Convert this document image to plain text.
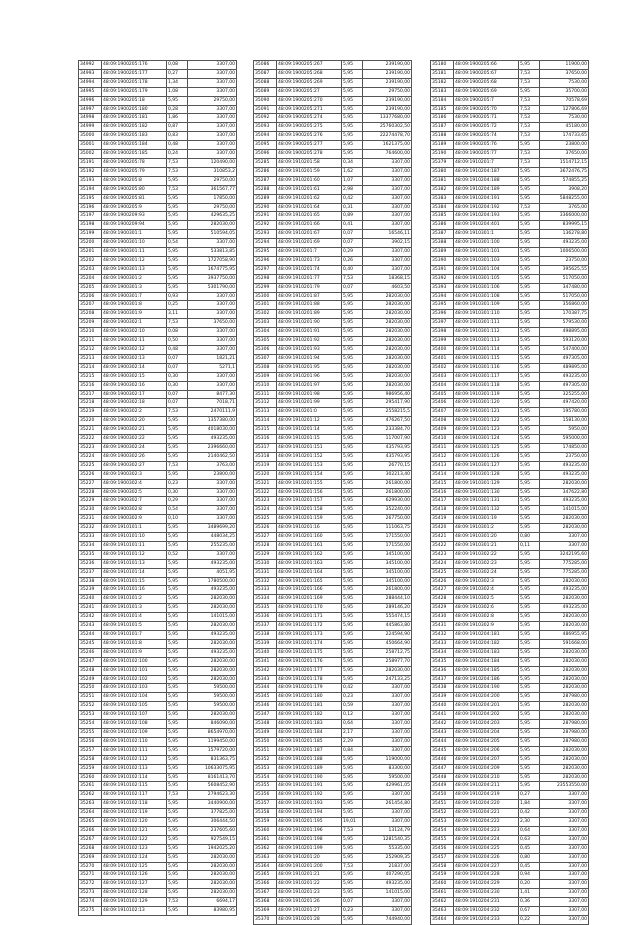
34992	48:09:1900205:176	0,08	3307,00
34993	48:09:1900205:177	0,27	3307,00
34994	48:09:1900205:178	1,34	3307,00
34995	48:09:1900205:179	1,08	3307,00
34996	48:09:1900205:18	5,95	29750,00
34997	48:09:1900205:180	0,28	3307,00
34998	48:09:1900205:181	1,86	3307,00
34999	48:09:1900205:182	0,87	3307,00
35000	48:09:1900205:183	0,83	3307,00
35001	48:09:1900205:184	0,48	3307,00
35002	48:09:1900205:185	0,24	3307,00
35191	48:09:1900205:78	7,53	120490,00
35192	48:09:1900205:79	7,53	310853,2
35193	48:09:1900205:8	5,95	29750,00
35194	48:09:1900205:80	7,53	361567,77
35195	48:09:1900205:81	5,95	17850,00
35196	48:09:1900205:9	5,95	29750,00
35197	48:09:1900209:93	5,95	429635,25
35198	48:09:1900209:94	5,95	282030,00
35199	48:09:1900301:1	5,95	510594,05
35200	48:09:1900301:10	0,54	3307,00
35201	48:09:1900301:11	5,95	533813,85
35202	48:09:1900301:12	5,95	1727058,90
35203	48:09:1900301:13	5,95	1674775,95
35204	48:09:1900301:2	5,95	3937750,00
35205	48:09:1900301:3	5,95	5301790,00
35206	48:09:1900301:7	0,93	3307,00
35207	48:09:1900301:8	0,25	3307,00
35208	48:09:1900301:9	3,11	3307,00
35209	48:09:1900302:1	7,53	37650,00
35210	48:09:1900302:10	0,08	3307,00
35211	48:09:1900302:11	0,50	3307,00
35212	48:09:1900302:12	0,48	3307,00
35213	48:09:1900302:13	0,07	1821,21
35214	48:09:1900302:14	0,07	5271,1
35215	48:09:1900302:15	0,30	3307,00
35216	48:09:1900302:16	0,30	3307,00
35217	48:09:1900302:17	0,07	8477,30
35218	48:09:1900302:18	0,07	7018,71
35219	48:09:1900302:2	7,53	2470111,9
35220	48:09:1900302:20	5,95	1357380,00
35221	48:09:1900302:21	5,95	4018030,00
35222	48:09:1900302:22	5,95	493235,00
35223	48:09:1900302:24	5,95	2396660,00
35224	48:09:1900302:26	5,95	2140462,50
35225	48:09:1900302:27	7,53	3763,00
35226	48:09:1900302:3	5,95	23800,00
35227	48:09:1900302:4	0,23	3307,00
35228	48:09:1900302:5	0,30	3307,00
35229	48:09:1900302:7	0,29	3307,00
35230	48:09:1900302:8	0,54	3307,00
35231	48:09:1900302:9	0,10	3307,00
35232	48:09:1910101:1	5,95	3489699,20
35233	48:09:1910101:10	5,95	448034,25
35234	48:09:1910101:11	5,95	255235,00
35235	48:09:1910101:12	0,52	3307,00
35236	48:09:1910101:13	5,95	493235,00
35237	48:09:1910101:14	5,95	4051,95
35238	48:09:1910101:15	5,95	1780500,00
35239	48:09:1910101:16	5,95	493235,00
35240	48:09:1910101:2	5,95	282030,00
35241	48:09:1910101:3	5,95	282030,00
35242	48:09:1910101:4	5,95	141015,00
35243	48:09:1910101:5	5,95	282030,00
35244	48:09:1910101:7	5,95	493235,00
35245	48:09:1910101:8	5,95	282030,00
35246	48:09:1910101:9	5,95	493235,00
35247	48:09:1910102:100	5,95	282030,00
35248	48:09:1910102:101	5,95	282030,00
35249	48:09:1910102:102	5,95	282030,00
35250	48:09:1910102:103	5,95	59500,00
35251	48:09:1910102:104	5,95	59500,00
35252	48:09:1910102:105	5,95	59500,00
35253	48:09:1910102:107	5,95	282030,00
35254	48:09:1910102:108	5,95	846090,00
35255	48:09:1910102:109	5,95	8654970,00
35256	48:09:1910102:110	5,95	1199450,00
35257	48:09:1910102:111	5,95	1579720,00
35258	48:09:1910102:112	5,95	831363,75
35259	48:09:1910102:113	5,95	10633075,95
35260	48:09:1910102:114	5,95	8161413,70
35261	48:09:1910102:115	5,95	5608452,90
35262	48:09:1910102:117	7,53	2794623,30
35263	48:09:1910102:118	5,95	3440900,00
35264	48:09:1910102:119	5,95	377825,00
35265	48:09:1910102:120	5,95	306444,50
35266	48:09:1910102:121	5,95	237605,60
35267	48:09:1910102:122	5,95	927549,15
35268	48:09:1910102:123	5,95	1942025,20
35269	48:09:1910102:124	5,95	282030,00
35270	48:09:1910102:125	5,95	282030,00
35271	48:09:1910102:126	5,95	282030,00
35272	48:09:1910102:127	5,95	282030,00
35273	48:09:1910102:128	5,95	282030,00
35274	48:09:1910102:129	7,53	6694,17
35275	48:09:1910102:13	5,95	83980,95
35086	48:09:1900205:267	5,95	239190,00
35087	48:09:1900205:268	5,95	239190,00
35088	48:09:1900205:269	5,95	239190,00
35089	48:09:1900205:27	5,95	29750,00
35090	48:09:1900205:270	5,95	239190,00
35091	48:09:1900205:271	5,95	239190,00
35092	48:09:1900205:274	5,95	13377680,00
35093	48:09:1900205:275	5,95	25760302,50
35094	48:09:1900205:276	5,95	22274478,70
35095	48:09:1900205:277	5,95	1621375,00
35096	48:09:1900205:278	5,95	764600,00
35285	48:09:1910201:58	0,34	3307,00
35286	48:09:1910201:59	1,62	3307,00
35287	48:09:1910201:60	1,07	3307,00
35288	48:09:1910201:61	2,98	3307,00
35289	48:09:1910201:62	0,42	3307,00
35290	48:09:1910201:64	0,31	3307,00
35291	48:09:1910201:65	0,89	3307,00
35292	48:09:1910201:66	0,41	3307,00
35293	48:09:1910201:67	0,07	16546,11
35294	48:09:1910201:69	0,07	3902,15
35295	48:09:1910201:7	0,29	3307,00
35296	48:09:1910201:73	0,26	3307,00
35297	48:09:1910201:74	0,40	3307,00
35298	48:09:1910201:77	7,53	18368,15
35299	48:09:1910201:79	0,07	4603,50
35300	48:09:1910201:87	5,95	282030,00
35301	48:09:1910201:88	5,95	282030,00
35302	48:09:1910201:89	5,95	282030,00
35303	48:09:1910201:90	5,95	282030,00
35304	48:09:1910201:91	5,95	282030,00
35305	48:09:1910201:92	5,95	282030,00
35306	48:09:1910201:93	5,95	282030,00
35307	48:09:1910201:94	5,95	282030,00
35308	48:09:1910201:95	5,95	282030,00
35309	48:09:1910201:96	5,95	282030,00
35310	48:09:1910201:97	5,95	282030,00
35311	48:09:1910201:98	5,95	986956,40
35312	48:09:1910201:99	5,95	295417,90
35313	48:09:1910201:0	5,95	2558215,5
35314	48:09:1910201:12	5,95	476267,50
35315	48:09:1910201:14	5,95	233384,70
35316	48:09:1910201:15	5,95	117007,90
35317	48:09:1910201:151	5,95	435793,95
35318	48:09:1910201:152	5,95	435793,95
35319	48:09:1910201:153	5,95	26770,15
35320	48:09:1910201:154	5,95	302213,40
35321	48:09:1910201:155	5,95	261800,00
35322	48:09:1910201:156	5,95	261800,00
35323	48:09:1910201:157	5,95	629930,00
35324	48:09:1910201:158	5,95	352240,00
35325	48:09:1910201:159	5,95	267750,00
35326	48:09:1910201:16	5,95	111063,75
35327	48:09:1910201:160	5,95	171550,00
35328	48:09:1910201:161	5,95	171550,00
35329	48:09:1910201:162	5,95	345100,00
35330	48:09:1910201:163	5,95	345100,00
35331	48:09:1910201:164	5,95	345100,00
35332	48:09:1910201:165	5,95	345100,00
35333	48:09:1910201:166	5,95	261800,00
35334	48:09:1910201:169	5,95	288444,10
35335	48:09:1910201:170	5,95	289146,20
35336	48:09:1910201:171	5,95	555474,15
35337	48:09:1910201:172	5,95	445863,80
35338	48:09:1910201:173	5,95	224594,90
35339	48:09:1910201:174	5,95	450664,90
35340	48:09:1910201:175	5,95	258712,75
35341	48:09:1910201:176	5,95	258977,70
35342	48:09:1910201:177	5,95	282030,00
35343	48:09:1910201:178	5,95	247133,25
35344	48:09:1910201:179	0,42	3307,00
35345	48:09:1910201:180	0,23	3307,00
35346	48:09:1910201:181	0,59	3307,00
35347	48:09:1910201:182	0,12	3307,00
35348	48:09:1910201:183	0,64	3307,00
35349	48:09:1910201:184	2,17	3307,00
35350	48:09:1910201:185	2,29	3307,00
35351	48:09:1910201:187	0,84	3307,00
35352	48:09:1910201:188	5,95	119000,00
35353	48:09:1910201:189	5,95	83300,00
35354	48:09:1910201:190	5,95	59500,00
35355	48:09:1910201:191	5,95	429961,05
35356	48:09:1910201:192	5,95	3307,00
35357	48:09:1910201:193	5,95	261454,80
35358	48:09:1910201:194	5,95	3307,00
35359	48:09:1910201:195	19,01	3307,00
35360	48:09:1910201:196	7,53	13124,79
35361	48:09:1910201:198	5,95	1281540,35
35362	48:09:1910201:199	5,95	55335,00
35363	48:09:1910201:20	5,95	252909,35
35364	48:09:1910201:200	7,53	21837,00
35365	48:09:1910201:21	5,95	407290,05
35366	48:09:1910201:22	5,95	493235,00
35367	48:09:1910201:23	5,95	141015,00
35368	48:09:1910201:26	0,07	3307,00
35369	48:09:1910201:27	0,23	3307,00
35370	48:09:1910201:28	5,95	744940,00
35180	48:09:1900205:66	5,95	11900,00
35181	48:09:1900205:67	7,53	37650,00
35182	48:09:1900205:68	7,53	7530,00
35183	48:09:1900205:69	5,95	35700,00
35184	48:09:1900205:7	7,53	70578,69
35185	48:09:1900205:70	7,53	127806,69
35186	48:09:1900205:71	7,53	7530,00
35187	48:09:1900205:72	7,53	45180,00
35188	48:09:1900205:74	7,53	174733,65
35189	48:09:1900205:76	5,95	23800,00
35190	48:09:1900205:77	7,53	37650,00
35379	48:09:1910201:7	7,53	1514712,15
35380	48:09:1910204:187	5,95	3672476,75
35381	48:09:1910204:188	5,95	574855,25
35382	48:09:1910204:189	5,95	3908,20
35383	48:09:1910204:191	5,95	5848255,00
35384	48:09:1910204:192	7,53	3765,00
35385	48:09:1910204:193	5,95	3366000,00
35386	48:09:1910204:401	5,95	839995,15
35387	48:09:1910301:1	5,95	136278,80
35388	48:09:1910301:100	5,95	493235,00
35389	48:09:1910301:101	5,95	1006500,00
35390	48:09:1910301:103	5,95	23750,00
35391	48:09:1910301:104	5,95	395625,55
35392	48:09:1910301:105	5,95	517050,00
35393	48:09:1910301:106	5,95	347480,00
35394	48:09:1910301:108	5,95	517050,00
35395	48:09:1910301:109	5,95	356860,00
35396	48:09:1910301:110	5,95	170387,75
35397	48:09:1910301:111	5,95	579530,00
35398	48:09:1910301:112	5,95	498895,00
35399	48:09:1910301:113	5,95	593120,00
35400	48:09:1910301:114	5,95	547400,00
35401	48:09:1910301:115	5,95	497305,00
35402	48:09:1910301:116	5,95	489895,00
35403	48:09:1910301:117	5,95	493235,00
35404	48:09:1910301:118	5,95	497305,00
35405	48:09:1910301:119	5,95	325255,00
35406	48:09:1910301:120	5,95	497420,00
35407	48:09:1910301:121	5,95	195780,00
35408	48:09:1910301:122	5,95	158130,00
35409	48:09:1910301:123	5,95	5950,00
35410	48:09:1910301:124	5,95	595000,00
35411	48:09:1910301:125	5,95	174850,00
35412	48:09:1910301:126	5,95	23750,00
35413	48:09:1910301:127	5,95	493235,00
35414	48:09:1910301:128	5,95	493235,00
35415	48:09:1910301:129	5,95	282030,00
35416	48:09:1910301:130	5,95	347622,80
35417	48:09:1910301:131	5,95	493235,00
35418	48:09:1910301:132	5,95	141015,00
35419	48:09:1910301:19	5,95	282030,00
35420	48:09:1910301:2	5,95	282030,00
35421	48:09:1910301:20	0,80	3307,00
35422	48:09:1910301:21	0,11	3307,00
35423	48:09:1910302:22	5,95	3242195,60
35424	48:09:1910302:23	5,95	775285,00
35425	48:09:1910302:24	5,95	775285,00
35426	48:09:1910302:3	5,95	282030,00
35427	48:09:1910302:4	5,95	493235,00
35428	48:09:1910302:5	5,95	282030,00
35429	48:09:1910302:6	5,95	493235,00
35430	48:09:1910302:8	5,95	282030,00
35431	48:09:1910302:9	5,95	282030,00
35432	48:09:1910204:181	5,95	486955,95
35433	48:09:1910204:182	5,95	591668,00
35434	48:09:1910204:183	5,95	282030,00
35435	48:09:1910204:184	5,95	282030,00
35436	48:09:1910204:185	5,95	282030,00
35437	48:09:1910204:186	5,95	282030,00
35438	48:09:1910204:190	5,95	282030,00
35439	48:09:1910204:200	5,95	287980,00
35440	48:09:1910204:201	5,95	282030,00
35441	48:09:1910204:202	5,95	282030,00
35442	48:09:1910204:203	5,95	287980,00
35443	48:09:1910204:204	5,95	287980,00
35444	48:09:1910204:205	5,95	287980,00
35445	48:09:1910204:206	5,95	282030,00
35446	48:09:1910204:207	5,95	282030,00
35447	48:09:1910204:209	5,95	282030,00
35448	48:09:1910204:210	5,95	282030,00
35449	48:09:1910204:211	5,95	23553550,00
35450	48:09:1910204:219	0,27	3307,00
35451	48:09:1910204:220	1,84	3307,00
35452	48:09:1910204:221	0,42	3307,00
35453	48:09:1910204:222	2,30	3307,00
35454	48:09:1910204:223	0,64	3307,00
35455	48:09:1910204:224	0,63	3307,00
35456	48:09:1910204:225	0,45	3307,00
35457	48:09:1910204:226	0,80	3307,00
35458	48:09:1910204:227	0,45	3307,00
35459	48:09:1910204:228	0,94	3307,00
35460	48:09:1910204:229	0,20	3307,00
35461	48:09:1910204:230	1,41	3307,00
35462	48:09:1910204:231	0,36	3307,00
35463	48:09:1910204:232	0,67	3307,00
35464	48:09:1910204:233	0,22	3307,00
